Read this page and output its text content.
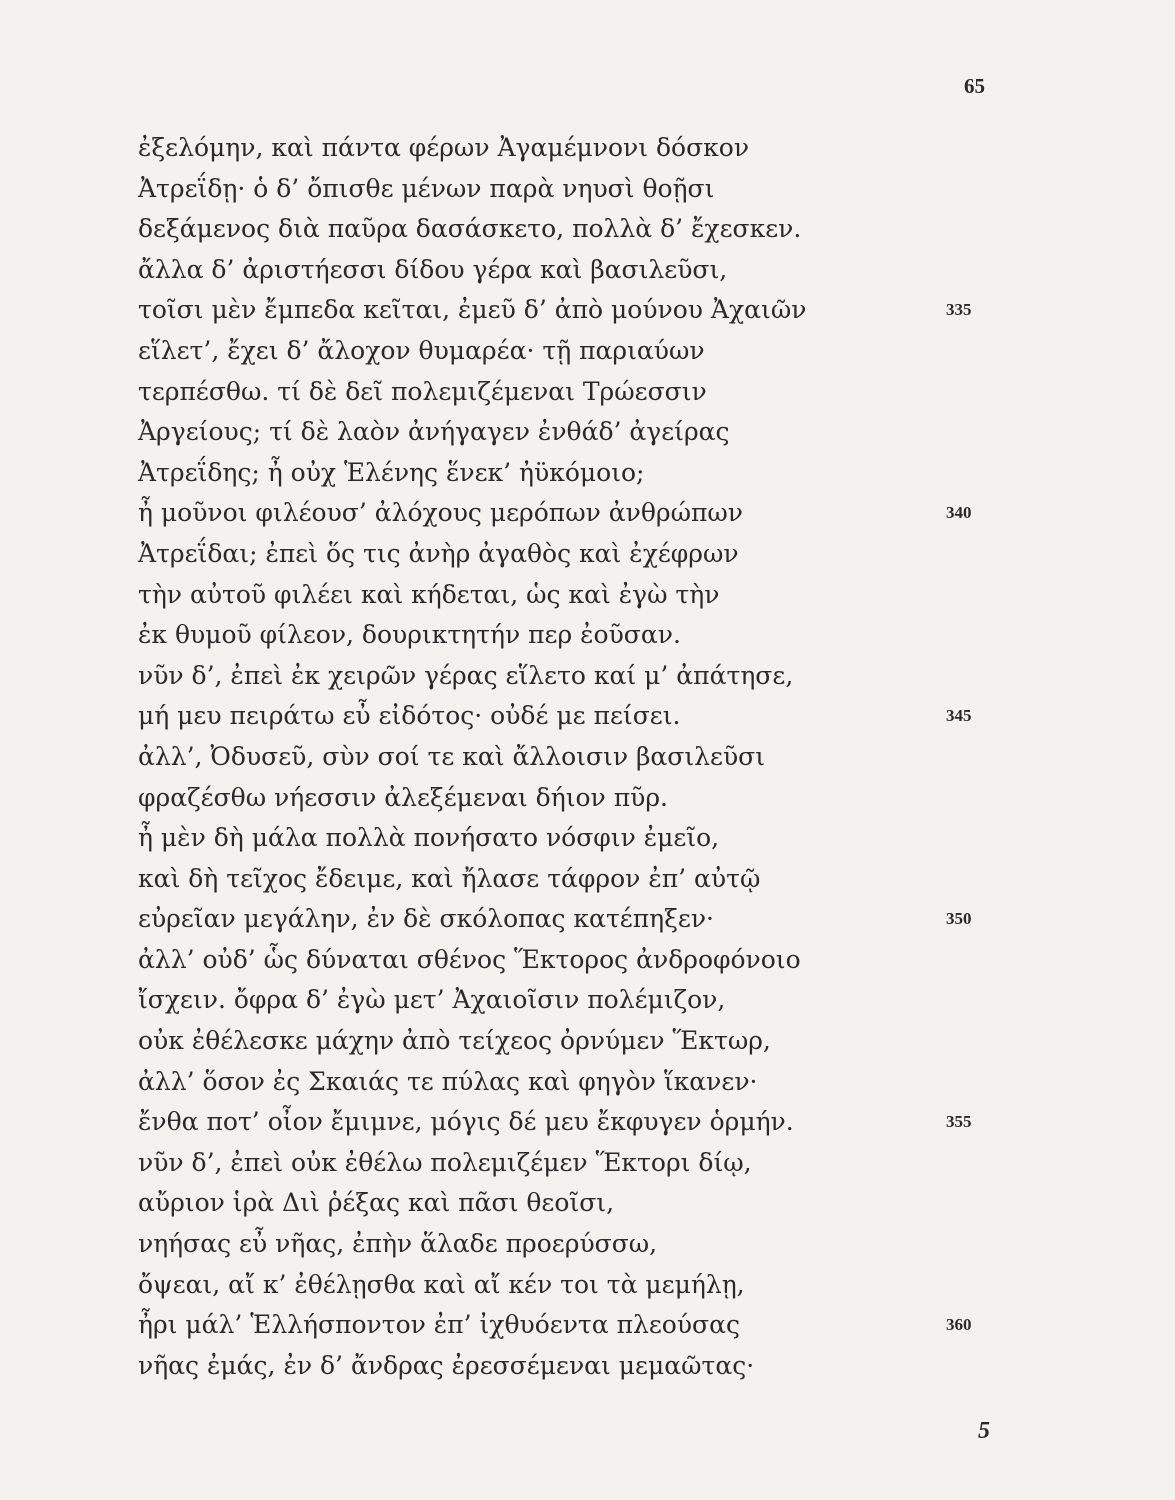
65
ἐξελόμην, καὶ πάντα φέρων Ἀγαμέμνονι δόσκον
Ἀτρεΐδῃ· ὁ δ’ ὄπισθε μένων παρὰ νηυσὶ θοῇσι
δεξάμενος διὰ παῦρα δασάσκετο, πολλὰ δ’ ἔχεσκεν.
ἄλλα δ’ ἀριστήεσσι δίδου γέρα καὶ βασιλεῦσι,
τοῖσι μὲν ἔμπεδα κεῖται, ἐμεῦ δ’ ἀπὸ μούνου Ἀχαιῶν	335
εἵλετ’, ἔχει δ’ ἄλοχον θυμαρέα· τῇ παριαύων
τερπέσθω. τί δὲ δεῖ πολεμιζέμεναι Τρώεσσιν
Ἀργείους; τί δὲ λαὸν ἀνήγαγεν ἐνθάδ’ ἀγείρας
Ἀτρεΐδης; ἦ οὐχ Ἑλένης ἕνεκ’ ἠϋκόμοιο;
ἦ μοῦνοι φιλέουσ’ ἀλόχους μερόπων ἀνθρώπων	340
Ἀτρεΐδαι; ἐπεὶ ὅς τις ἀνὴρ ἀγαθὸς καὶ ἐχέφρων
τὴν αὐτοῦ φιλέει καὶ κήδεται, ὡς καὶ ἐγὼ τὴν
ἐκ θυμοῦ φίλεον, δουρικτητήν περ ἐοῦσαν.
νῦν δ’, ἐπεὶ ἐκ χειρῶν γέρας εἵλετο καί μ’ ἀπάτησε,
μή μευ πειράτω εὖ εἰδότος· οὐδέ με πείσει.	345
ἀλλ’, Ὀδυσεῦ, σὺν σοί τε καὶ ἄλλοισιν βασιλεῦσι
φραζέσθω νήεσσιν ἀλεξέμεναι δήιον πῦρ.
ἦ μὲν δὴ μάλα πολλὰ πονήσατο νόσφιν ἐμεῖο,
καὶ δὴ τεῖχος ἔδειμε, καὶ ἤλασε τάφρον ἐπ’ αὐτῷ
εὐρεῖαν μεγάλην, ἐν δὲ σκόλοπας κατέπηξεν·	350
ἀλλ’ οὐδ’ ὧς δύναται σθένος Ἕκτορος ἀνδροφόνοιο
ἴσχειν. ὄφρα δ’ ἐγὼ μετ’ Ἀχαιοῖσιν πολέμιζον,
οὐκ ἐθέλεσκε μάχην ἀπὸ τείχεος ὀρνύμεν Ἕκτωρ,
ἀλλ’ ὅσον ἐς Σκαιάς τε πύλας καὶ φηγὸν ἵκανεν·
ἔνθα ποτ’ οἶον ἔμιμνε, μόγις δέ μευ ἔκφυγεν ὁρμήν.	355
νῦν δ’, ἐπεὶ οὐκ ἐθέλω πολεμιζέμεν Ἕκτορι δίῳ,
αὔριον ἱρὰ Διὶ ῥέξας καὶ πᾶσι θεοῖσι,
νηήσας εὖ νῆας, ἐπὴν ἅλαδε προερύσσω,
ὄψεαι, αἴ κ’ ἐθέλῃσθα καὶ αἴ κέν τοι τὰ μεμήλῃ,
ἦρι μάλ’ Ἑλλήσποντον ἐπ’ ἰχθυόεντα πλεούσας	360
νῆας ἐμάς, ἐν δ’ ἄνδρας ἐρεσσέμεναι μεμαῶτας·
5
